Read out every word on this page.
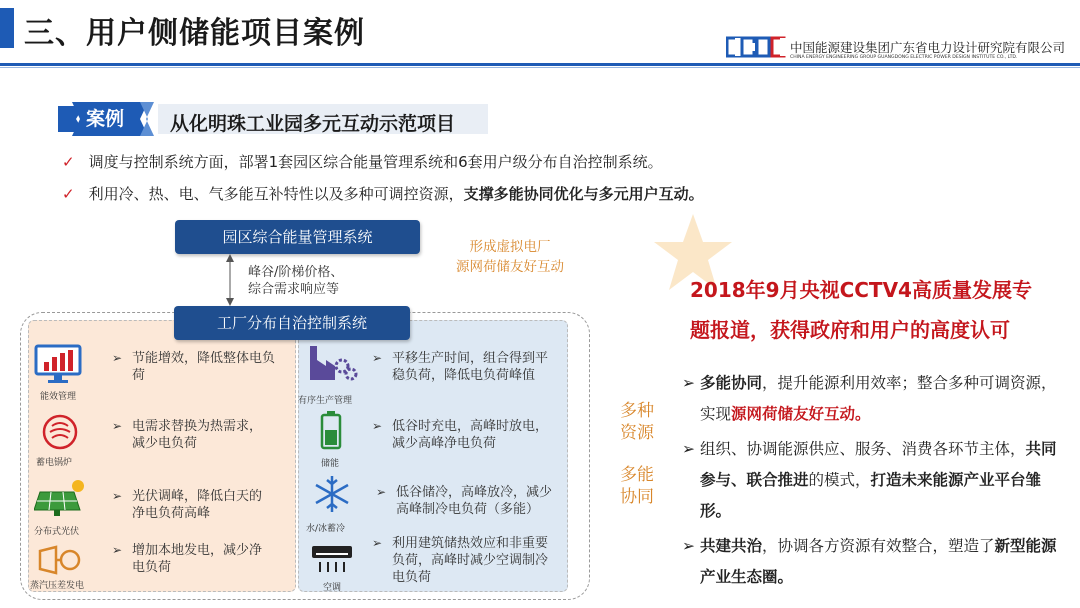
三、用户侧储能项目案例	中国能源建设集团广东省电力设计研究院有限公司
CHINA ENERGY ENGINEERING GROUP GUANGDONG ELECTRIC POWER DESIGN INSTITUTE CO., LTD.
案例 从化明珠工业园多元互动示范项目
✓ 调度与控制系统方面，部署1套园区综合能量管理系统和6套用户级分布自治控制系统。
✓ 利用冷、热、电、气多能互补特性以及多种可调控资源，支撑多能协同优化与多元用户互动。
园区综合能量管理系统
峰谷/阶梯价格、
综合需求响应等
形成虚拟电厂
源网荷储友好互动
工厂分布自治控制系统
能效管理
➢ 节能增效，降低整体电负
荷
蓄电锅炉
➢ 电需求替换为热需求，
减少电负荷
分布式光伏
➢ 光伏调峰，降低白天的
净电负荷高峰
蒸汽压差发电
➢ 增加本地发电，减少净
电负荷
有序生产管理
➢ 平移生产时间，组合得到平
稳负荷，降低电负荷峰值
储能
➢ 低谷时充电，高峰时放电，
减少高峰净电负荷
水/冰蓄冷
➢ 低谷储冷，高峰放冷，减少
高峰制冷电负荷（多能）
空调
➢ 利用建筑储热效应和非重要
负荷，高峰时减少空调制冷
电负荷
多种
资源
多能
协同
2018年9月央视CCTV4高质量发展专
题报道，获得政府和用户的高度认可
➢ 多能协同，提升能源利用效率；整合多种可调资源，实现源网荷储友好互动。
➢ 组织、协调能源供应、服务、消费各环节主体，共同参与、联合推进的模式，打造未来能源产业平台雏形。
➢ 共建共治，协调各方资源有效整合，塑造了新型能源产业生态圈。
